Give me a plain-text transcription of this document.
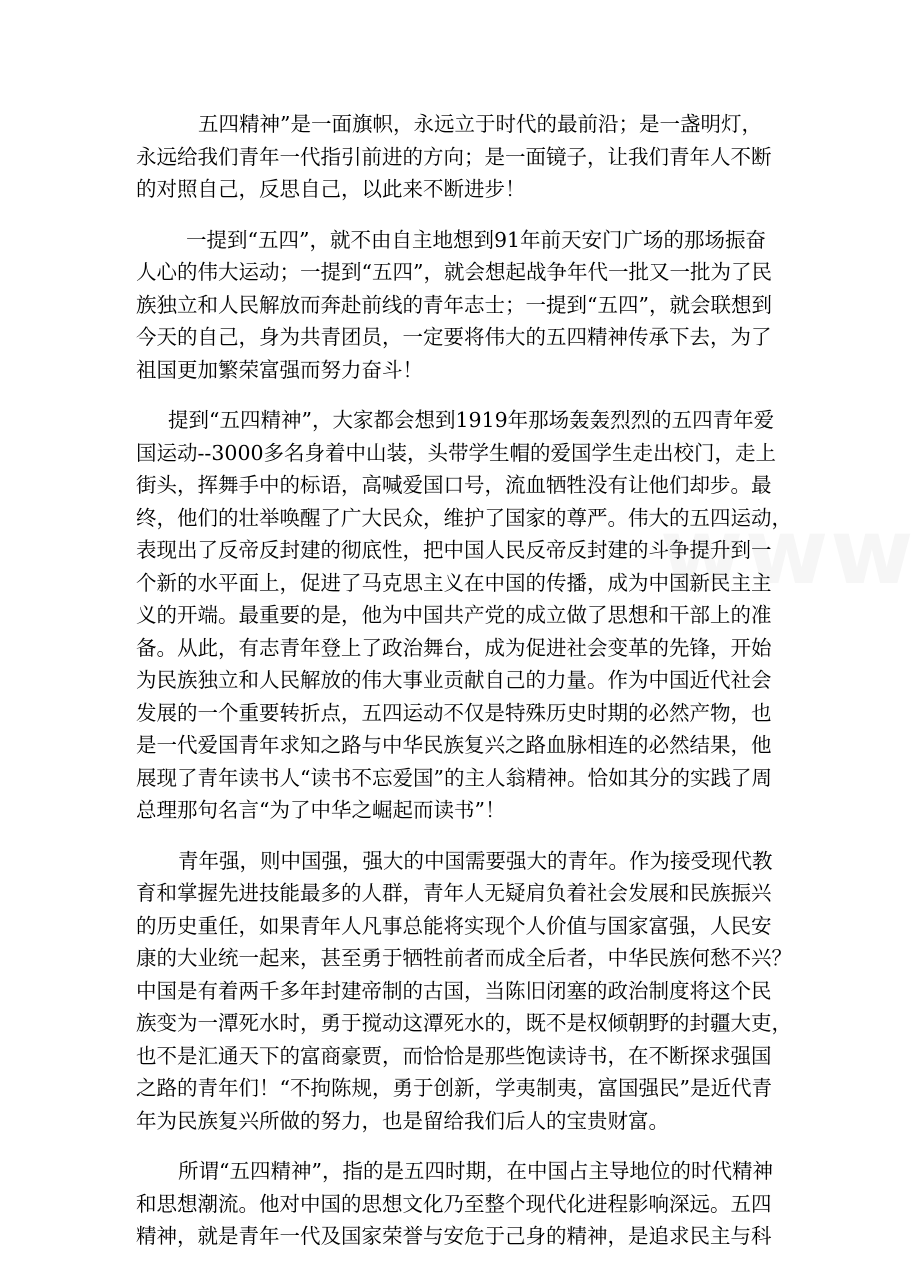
www
五四精神”是一面旗帜，永远立于时代的最前沿；是一盏明灯，
永远给我们青年一代指引前进的方向；是一面镜子，让我们青年人不断
的对照自己，反思自己，以此来不断进步！
一提到“五四”，就不由自主地想到91年前天安门广场的那场振奋
人心的伟大运动；一提到“五四”，就会想起战争年代一批又一批为了民
族独立和人民解放而奔赴前线的青年志士；一提到“五四”，就会联想到
今天的自己，身为共青团员，一定要将伟大的五四精神传承下去，为了
祖国更加繁荣富强而努力奋斗！
提到“五四精神”，大家都会想到1919年那场轰轰烈烈的五四青年爱
国运动--3000多名身着中山装，头带学生帽的爱国学生走出校门，走上
街头，挥舞手中的标语，高喊爱国口号，流血牺牲没有让他们却步。最
终，他们的壮举唤醒了广大民众，维护了国家的尊严。伟大的五四运动，
表现出了反帝反封建的彻底性，把中国人民反帝反封建的斗争提升到一
个新的水平面上，促进了马克思主义在中国的传播，成为中国新民主主
义的开端。最重要的是，他为中国共产党的成立做了思想和干部上的准
备。从此，有志青年登上了政治舞台，成为促进社会变革的先锋，开始
为民族独立和人民解放的伟大事业贡献自己的力量。作为中国近代社会
发展的一个重要转折点，五四运动不仅是特殊历史时期的必然产物，也
是一代爱国青年求知之路与中华民族复兴之路血脉相连的必然结果，他
展现了青年读书人“读书不忘爱国”的主人翁精神。恰如其分的实践了周
总理那句名言“为了中华之崛起而读书”！
青年强，则中国强，强大的中国需要强大的青年。作为接受现代教
育和掌握先进技能最多的人群，青年人无疑肩负着社会发展和民族振兴
的历史重任，如果青年人凡事总能将实现个人价值与国家富强，人民安
康的大业统一起来，甚至勇于牺牲前者而成全后者，中华民族何愁不兴？
中国是有着两千多年封建帝制的古国，当陈旧闭塞的政治制度将这个民
族变为一潭死水时，勇于搅动这潭死水的，既不是权倾朝野的封疆大吏，
也不是汇通天下的富商豪贾，而恰恰是那些饱读诗书，在不断探求强国
之路的青年们！“不拘陈规，勇于创新，学夷制夷，富国强民”是近代青
年为民族复兴所做的努力，也是留给我们后人的宝贵财富。
所谓“五四精神”，指的是五四时期，在中国占主导地位的时代精神
和思想潮流。他对中国的思想文化乃至整个现代化进程影响深远。五四
精神，就是青年一代及国家荣誉与安危于己身的精神，是追求民主与科
